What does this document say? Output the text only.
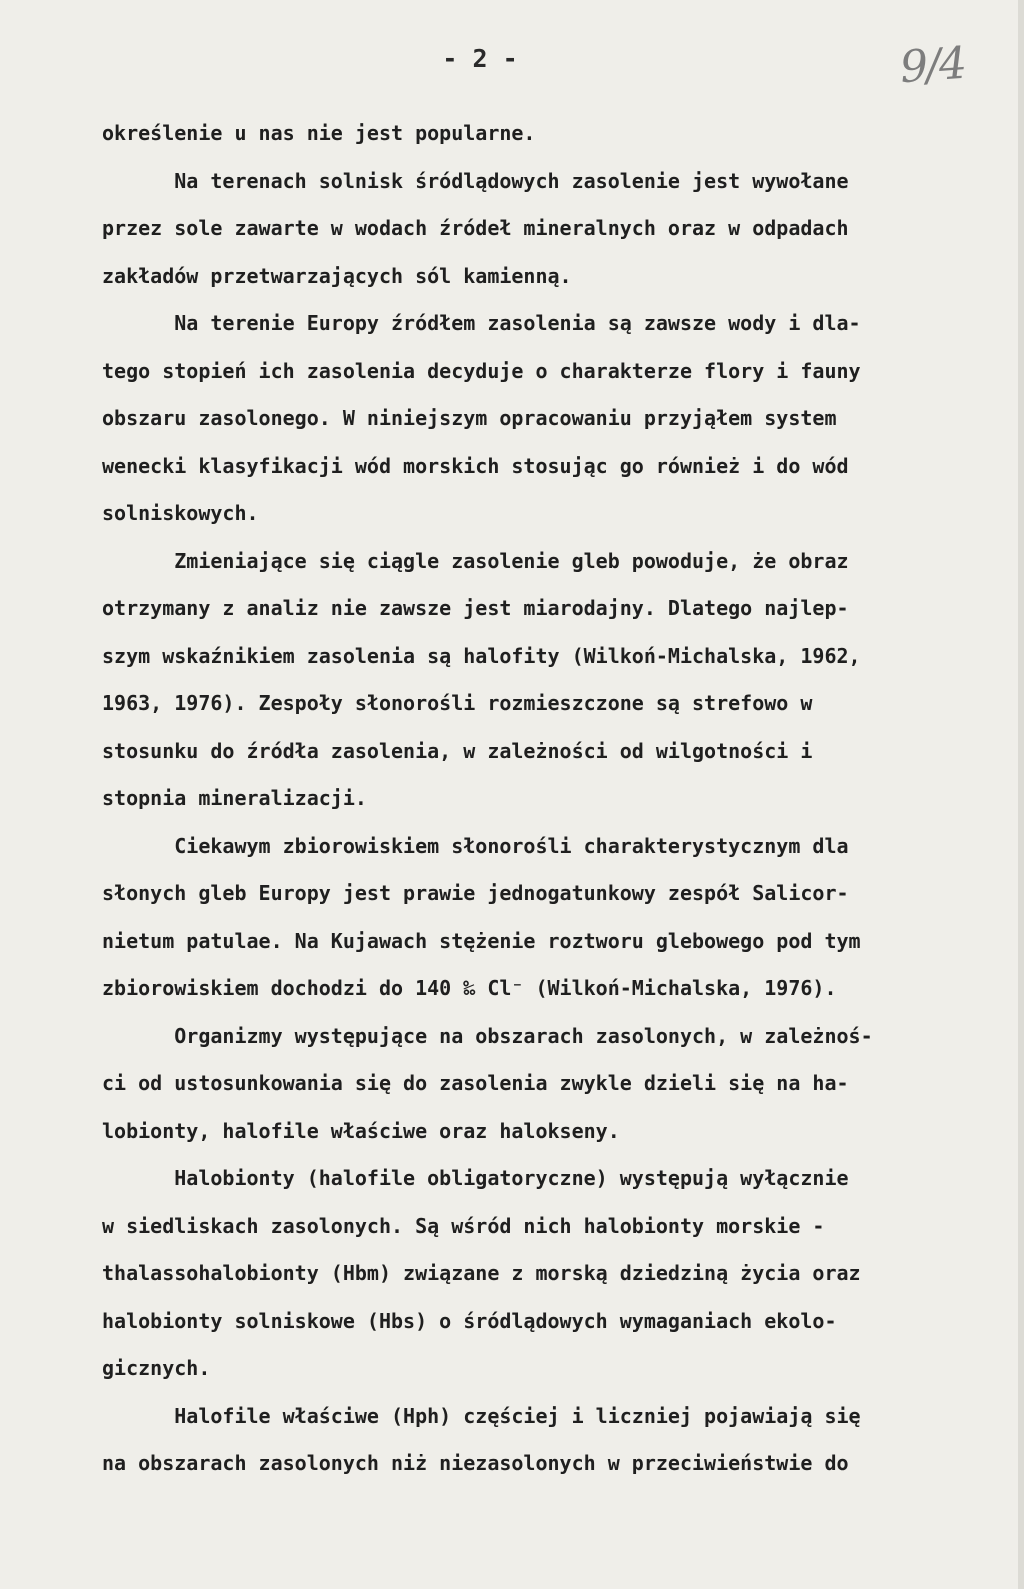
- 2 -	9/4
określenie u nas nie jest popularne.
Na terenach solnisk śródlądowych zasolenie jest wywołane
przez sole zawarte w wodach źródeł mineralnych oraz w odpadach
zakładów przetwarzających sól kamienną.
Na terenie Europy źródłem zasolenia są zawsze wody i dla-
tego stopień ich zasolenia decyduje o charakterze flory i fauny
obszaru zasolonego. W niniejszym opracowaniu przyjąłem system
wenecki klasyfikacji wód morskich stosując go również i do wód
solniskowych.
Zmieniające się ciągle zasolenie gleb powoduje, że obraz
otrzymany z analiz nie zawsze jest miarodajny. Dlatego najlep-
szym wskaźnikiem zasolenia są halofity (Wilkoń-Michalska, 1962,
1963, 1976). Zespoły słonorośli rozmieszczone są strefowo w
stosunku do źródła zasolenia, w zależności od wilgotności i
stopnia mineralizacji.
Ciekawym zbiorowiskiem słonorośli charakterystycznym dla
słonych gleb Europy jest prawie jednogatunkowy zespół Salicor-
nietum patulae. Na Kujawach stężenie roztworu glebowego pod tym
zbiorowiskiem dochodzi do 140 ‰ Cl⁻ (Wilkoń-Michalska, 1976).
Organizmy występujące na obszarach zasolonych, w zależnoś-
ci od ustosunkowania się do zasolenia zwykle dzieli się na ha-
lobionty, halofile właściwe oraz halokseny.
Halobionty (halofile obligatoryczne) występują wyłącznie
w siedliskach zasolonych. Są wśród nich halobionty morskie -
thalassohalobionty (Hbm) związane z morską dziedziną życia oraz
halobionty solniskowe (Hbs) o śródlądowych wymaganiach ekolo-
gicznych.
Halofile właściwe (Hph) częściej i liczniej pojawiają się
na obszarach zasolonych niż niezasolonych w przeciwieństwie do
